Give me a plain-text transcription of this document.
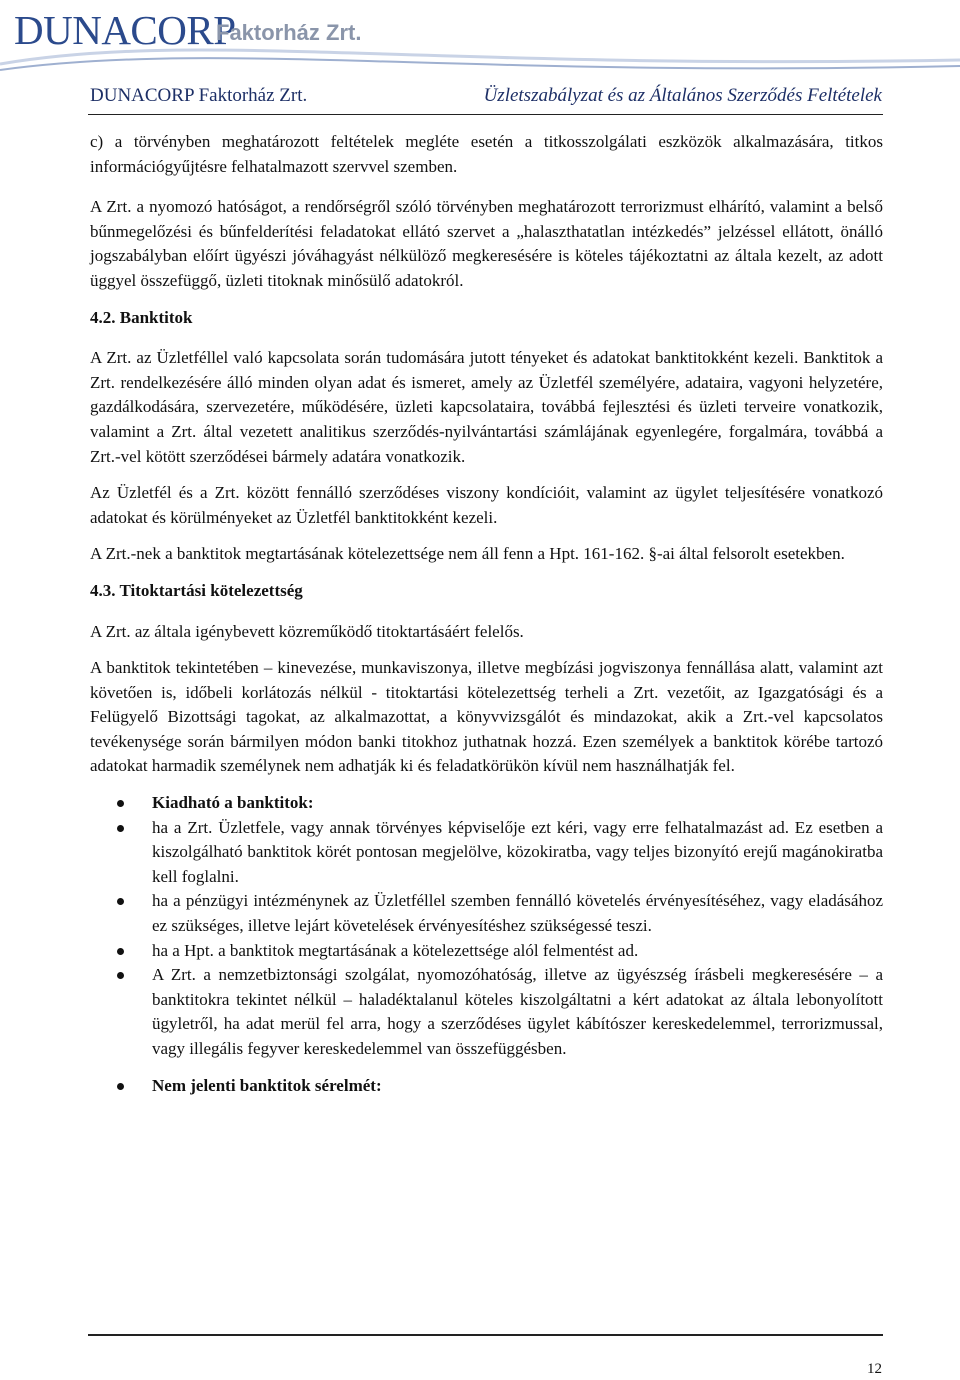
DUNACORP
Faktorház Zrt.
DUNACORP Faktorház Zrt.	Üzletszabályzat és az Általános Szerződés Feltételek

c) a törvényben meghatározott feltételek megléte esetén a titkosszolgálati eszközök alkalmazására, titkos információgyűjtésre felhatalmazott szervvel szemben.

A Zrt. a nyomozó hatóságot, a rendőrségről szóló törvényben meghatározott terrorizmust elhárító, valamint a belső bűnmegelőzési és bűnfelderítési feladatokat ellátó szervet a „halaszthatatlan intézkedés” jelzéssel ellátott, önálló jogszabályban előírt ügyészi jóváhagyást nélkülöző megkeresésére is köteles tájékoztatni az általa kezelt, az adott üggyel összefüggő, üzleti titoknak minősülő adatokról.

4.2. Banktitok

A Zrt. az Üzletféllel való kapcsolata során tudomására jutott tényeket és adatokat banktitokként kezeli. Banktitok a Zrt. rendelkezésére álló minden olyan adat és ismeret, amely az Üzletfél személyére, adataira, vagyoni helyzetére, gazdálkodására, szervezetére, működésére, üzleti kapcsolataira, továbbá fejlesztési és üzleti terveire vonatkozik, valamint a Zrt. által vezetett analitikus szerződés-nyilvántartási számlájának egyenlegére, forgalmára, továbbá a Zrt.-vel kötött szerződései bármely adatára vonatkozik.

Az Üzletfél és a Zrt. között fennálló szerződéses viszony kondícióit, valamint az ügylet teljesítésére vonatkozó adatokat és körülményeket az Üzletfél banktitokként kezeli.

A Zrt.-nek a banktitok megtartásának kötelezettsége nem áll fenn a Hpt. 161-162. §-ai által felsorolt esetekben.

4.3. Titoktartási kötelezettség

A Zrt. az általa igénybevett közreműködő titoktartásáért felelős.

A banktitok tekintetében – kinevezése, munkaviszonya, illetve megbízási jogviszonya fennállása alatt, valamint azt követően is, időbeli korlátozás nélkül - titoktartási kötelezettség terheli a Zrt. vezetőit, az Igazgatósági és a Felügyelő Bizottsági tagokat, az alkalmazottat, a könyvvizsgálót és mindazokat, akik a Zrt.-vel kapcsolatos tevékenysége során bármilyen módon banki titokhoz juthatnak hozzá. Ezen személyek a banktitok körébe tartozó adatokat harmadik személynek nem adhatják ki és feladatkörükön kívül nem használhatják fel.

Kiadható a banktitok:
ha a Zrt. Üzletfele, vagy annak törvényes képviselője ezt kéri, vagy erre felhatalmazást ad. Ez esetben a kiszolgálható banktitok körét pontosan megjelölve, közokiratba, vagy teljes bizonyító erejű magánokiratba kell foglalni.
ha a pénzügyi intézménynek az Üzletféllel szemben fennálló követelés érvényesítéséhez, vagy eladásához ez szükséges, illetve lejárt követelések érvényesítéshez szükségessé teszi.
ha a Hpt. a banktitok megtartásának a kötelezettsége alól felmentést ad.
A Zrt. a nemzetbiztonsági szolgálat, nyomozóhatóság, illetve az ügyészség írásbeli megkeresésére – a banktitokra tekintet nélkül – haladéktalanul köteles kiszolgáltatni a kért adatokat az általa lebonyolított ügyletről, ha adat merül fel arra, hogy a szerződéses ügylet kábítószer kereskedelemmel, terrorizmussal, vagy illegális fegyver kereskedelemmel van összefüggésben.
Nem jelenti banktitok sérelmét:
12
